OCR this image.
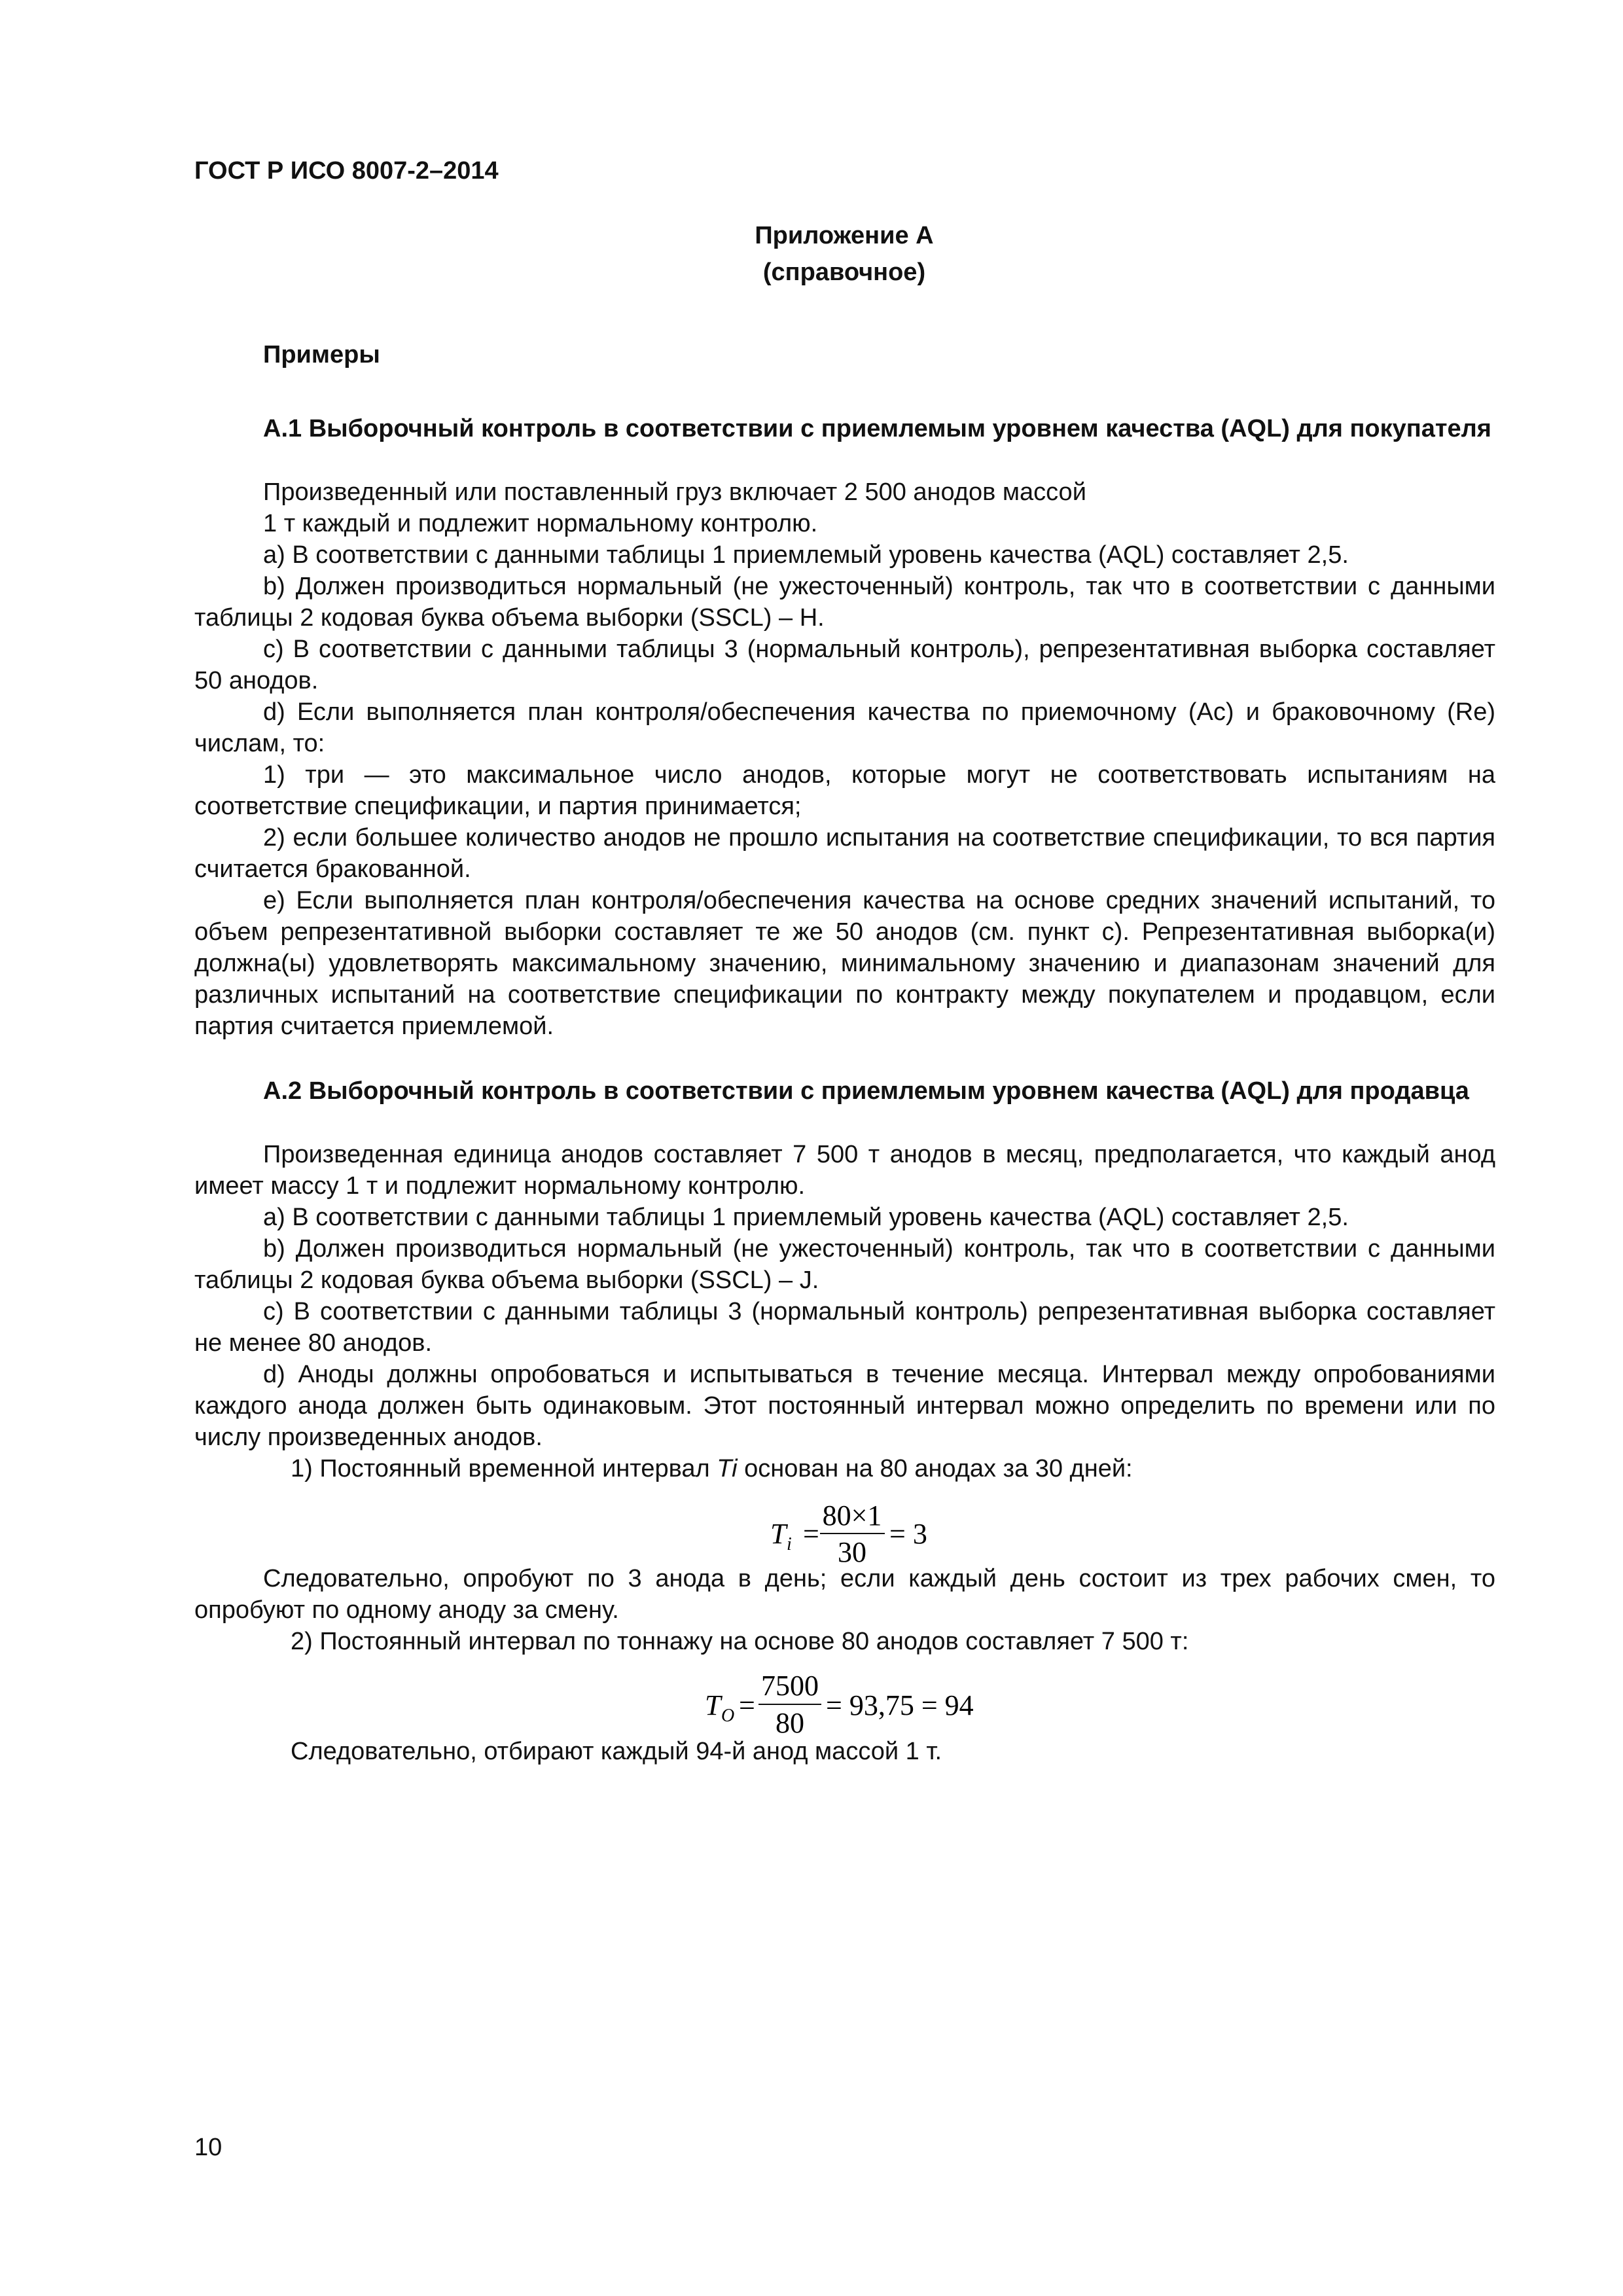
ГОСТ Р ИСО 8007-2–2014
Приложение А
(справочное)
Примеры

А.1 Выборочный контроль в соответствии с приемлемым уровнем качества (AQL) для покупателя

Произведенный или поставленный груз включает 2 500 анодов массой

1 т каждый и подлежит нормальному контролю.

a) В соответствии с данными таблицы 1 приемлемый уровень качества (AQL) составляет 2,5.

b) Должен производиться нормальный (не ужесточенный) контроль, так что в соответствии с данными таблицы 2 кодовая буква объема выборки (SSCL) – H.

c) В соответствии с данными таблицы 3 (нормальный контроль), репрезентативная выборка составляет 50 анодов.

d) Если выполняется план контроля/обеспечения качества по приемочному (Ас) и браковочному (Re) числам, то:

1) три — это максимальное число анодов, которые могут не соответствовать испытаниям на соответствие спецификации, и партия принимается;

2) если большее количество анодов не прошло испытания на соответствие спецификации, то вся партия считается бракованной.

е) Если выполняется план контроля/обеспечения качества на основе средних значений испытаний, то объем репрезентативной выборки составляет те же 50 анодов (см. пункт с). Репрезентативная выборка(и) должна(ы) удовлетворять максимальному значению, минимальному значению и диапазонам значений для различных испытаний на соответствие спецификации по контракту между покупателем и продавцом, если партия считается приемлемой.

А.2 Выборочный контроль в соответствии с приемлемым уровнем качества (AQL) для продавца

Произведенная единица анодов составляет 7 500 т анодов в месяц, предполагается, что каждый анод имеет массу 1 т и подлежит нормальному контролю.

a) В соответствии с данными таблицы 1 приемлемый уровень качества (AQL) составляет 2,5.

b) Должен производиться нормальный (не ужесточенный) контроль, так что в соответствии с данными таблицы 2 кодовая буква объема выборки (SSCL) – J.

с) В соответствии с данными таблицы 3 (нормальный контроль) репрезентативная выборка составляет не менее 80 анодов.

d) Аноды должны опробоваться и испытываться в течение месяца. Интервал между опробованиями каждого анода должен быть одинаковым. Этот постоянный интервал можно определить по времени или по числу произведенных анодов.

1) Постоянный временной интервал Ti основан на 80 анодах за 30 дней:

T i =
80×1
30
= 3

Следовательно, опробуют по 3 анода в день; если каждый день состоит из трех рабочих смен, то опробуют по одному аноду за смену.

2) Постоянный интервал по тоннажу на основе 80 анодов составляет 7 500 т:

T O =
7500
80
= 93,75 = 94

Следовательно, отбирают каждый 94-й анод массой 1 т.

10
